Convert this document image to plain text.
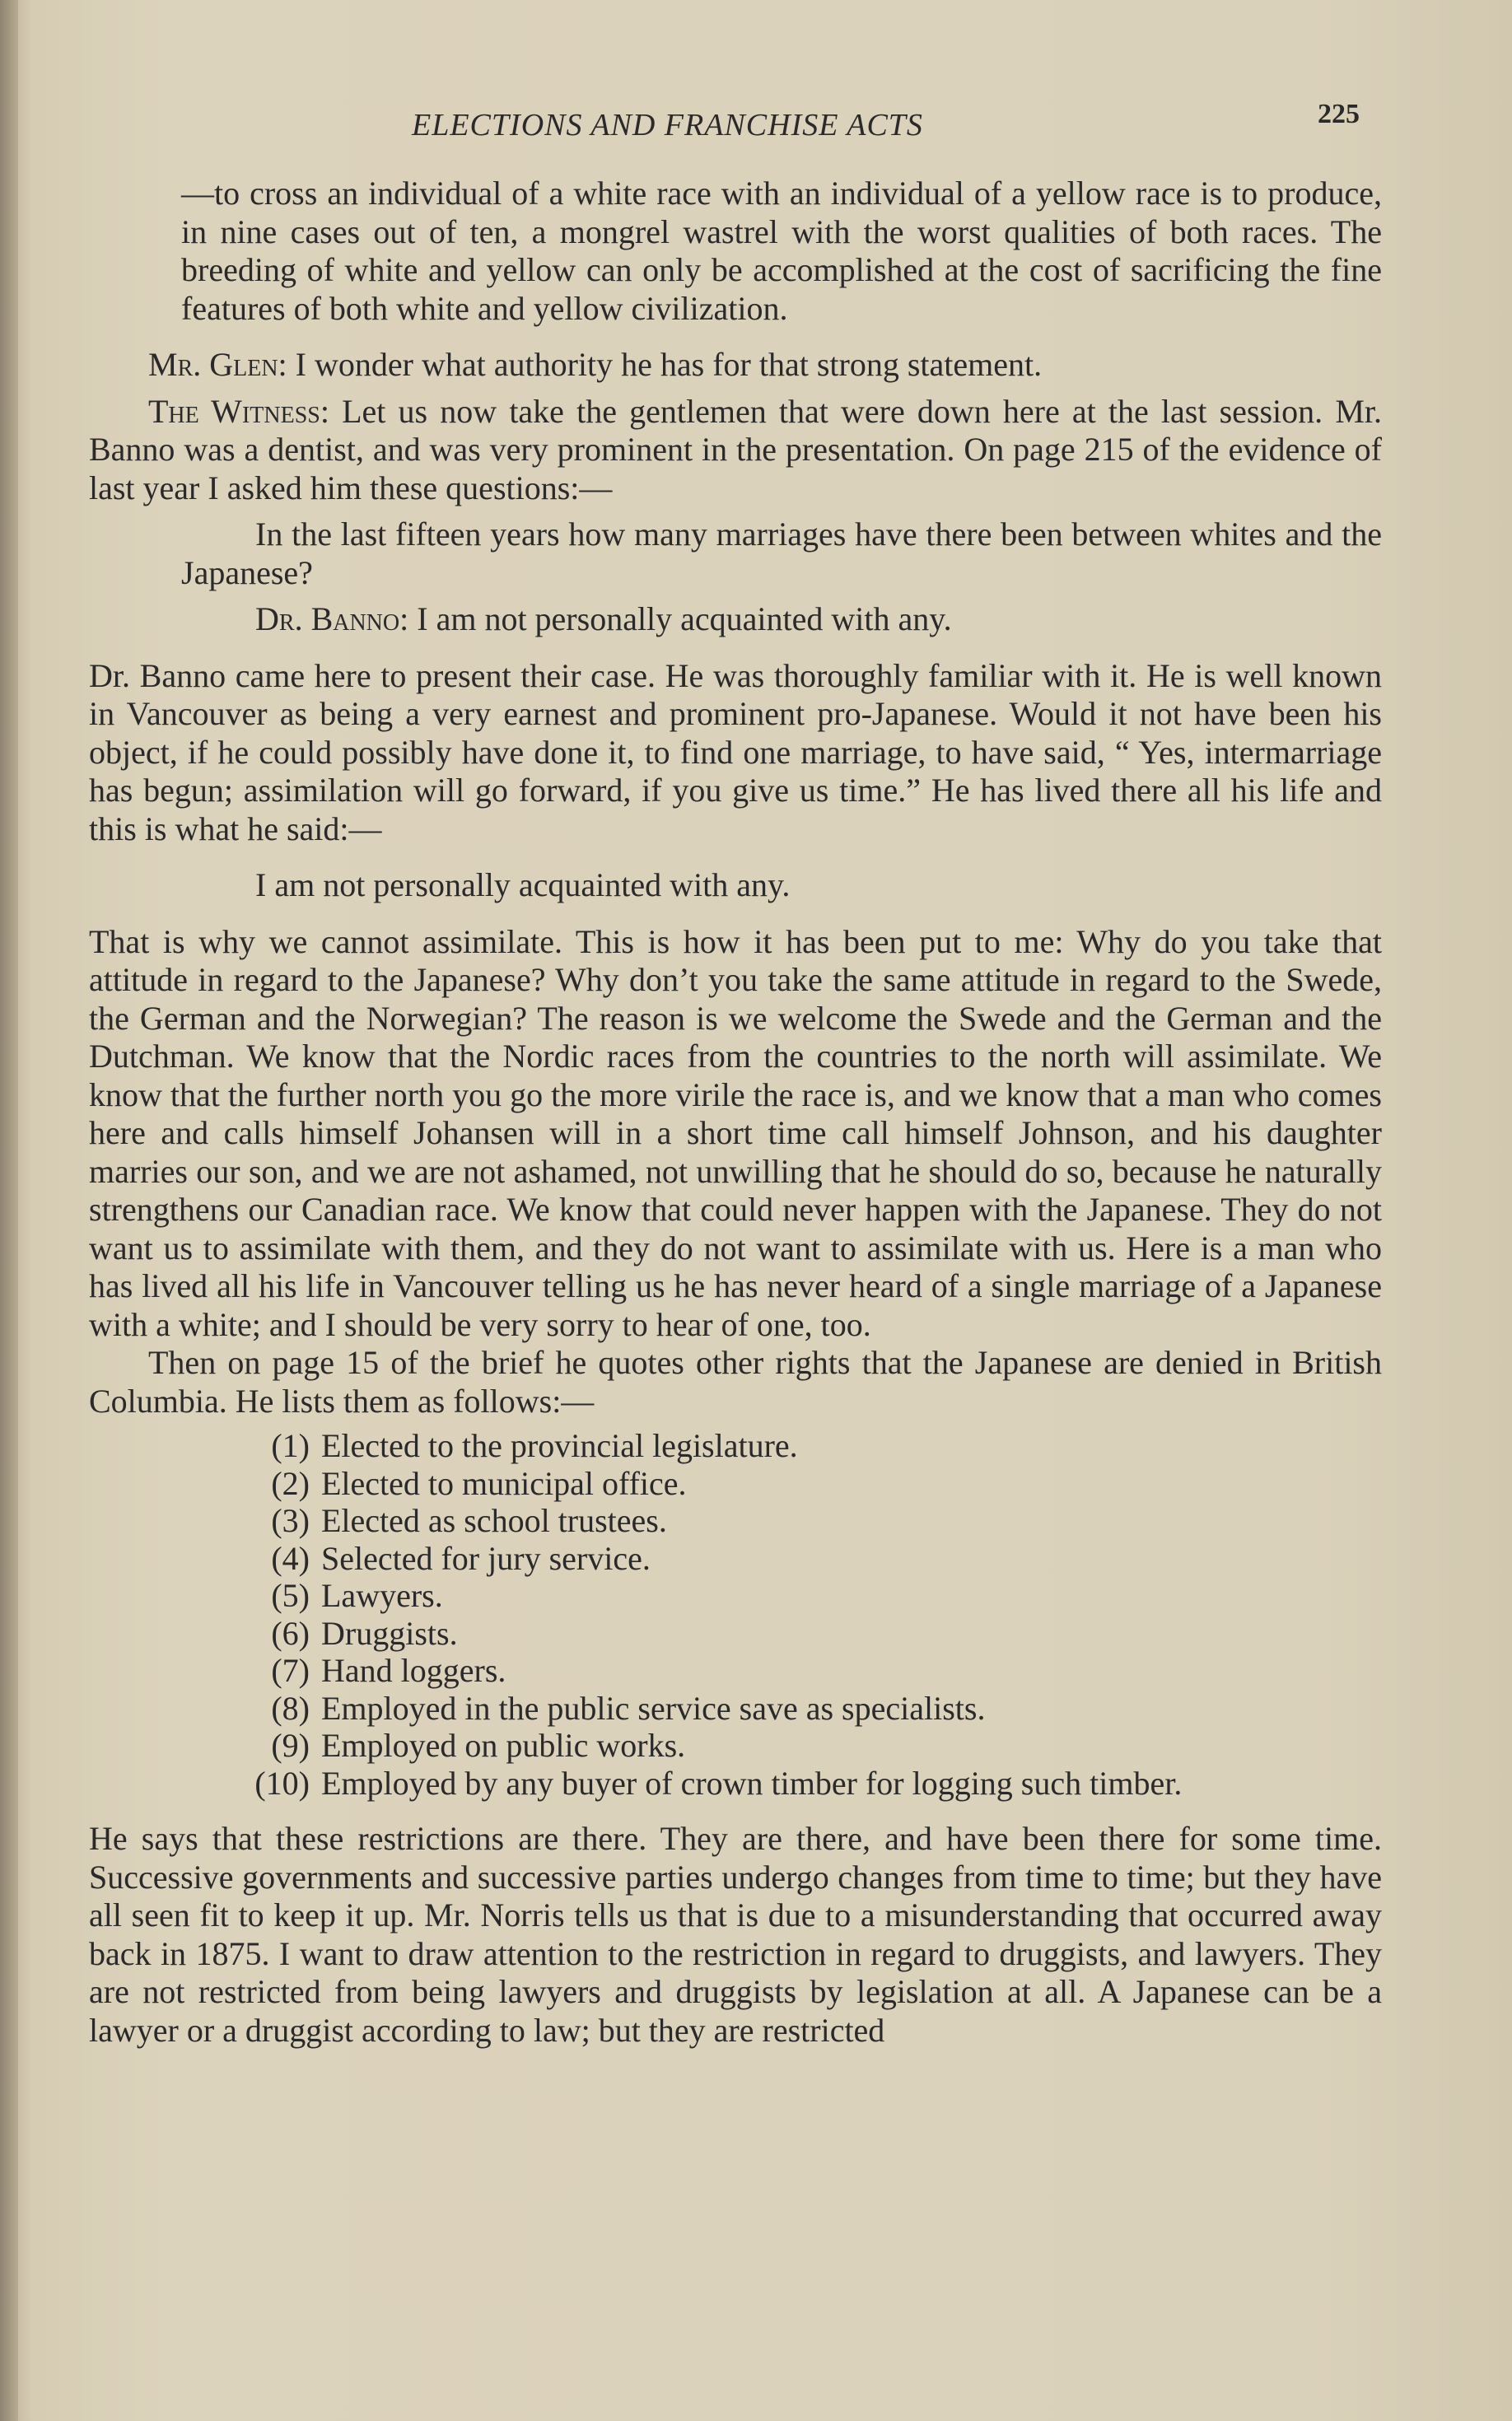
ELECTIONS AND FRANCHISE ACTS	225

—to cross an individual of a white race with an individual of a yellow race is to produce, in nine cases out of ten, a mongrel wastrel with the worst qualities of both races. The breeding of white and yellow can only be accomplished at the cost of sacrificing the fine features of both white and yellow civilization.

Mr. Glen: I wonder what authority he has for that strong statement.

The Witness: Let us now take the gentlemen that were down here at the last session. Mr. Banno was a dentist, and was very prominent in the presentation. On page 215 of the evidence of last year I asked him these questions:—

In the last fifteen years how many marriages have there been between whites and the Japanese?

Dr. Banno: I am not personally acquainted with any.

Dr. Banno came here to present their case. He was thoroughly familiar with it. He is well known in Vancouver as being a very earnest and prominent pro-Japanese. Would it not have been his object, if he could possibly have done it, to find one marriage, to have said, “ Yes, intermarriage has begun; assimilation will go forward, if you give us time.” He has lived there all his life and this is what he said:—

I am not personally acquainted with any.

That is why we cannot assimilate. This is how it has been put to me: Why do you take that attitude in regard to the Japanese? Why don’t you take the same attitude in regard to the Swede, the German and the Norwegian? The reason is we welcome the Swede and the German and the Dutchman. We know that the Nordic races from the countries to the north will assimilate. We know that the further north you go the more virile the race is, and we know that a man who comes here and calls himself Johansen will in a short time call himself Johnson, and his daughter marries our son, and we are not ashamed, not unwilling that he should do so, because he naturally strengthens our Canadian race. We know that could never happen with the Japanese. They do not want us to assimilate with them, and they do not want to assimilate with us. Here is a man who has lived all his life in Vancouver telling us he has never heard of a single marriage of a Japanese with a white; and I should be very sorry to hear of one, too.

Then on page 15 of the brief he quotes other rights that the Japanese are denied in British Columbia. He lists them as follows:—

(1) Elected to the provincial legislature.
(2) Elected to municipal office.
(3) Elected as school trustees.
(4) Selected for jury service.
(5) Lawyers.
(6) Druggists.
(7) Hand loggers.
(8) Employed in the public service save as specialists.
(9) Employed on public works.
(10) Employed by any buyer of crown timber for logging such timber.

He says that these restrictions are there. They are there, and have been there for some time. Successive governments and successive parties undergo changes from time to time; but they have all seen fit to keep it up. Mr. Norris tells us that is due to a misunderstanding that occurred away back in 1875. I want to draw attention to the restriction in regard to druggists, and lawyers. They are not restricted from being lawyers and druggists by legislation at all. A Japanese can be a lawyer or a druggist according to law; but they are restricted
